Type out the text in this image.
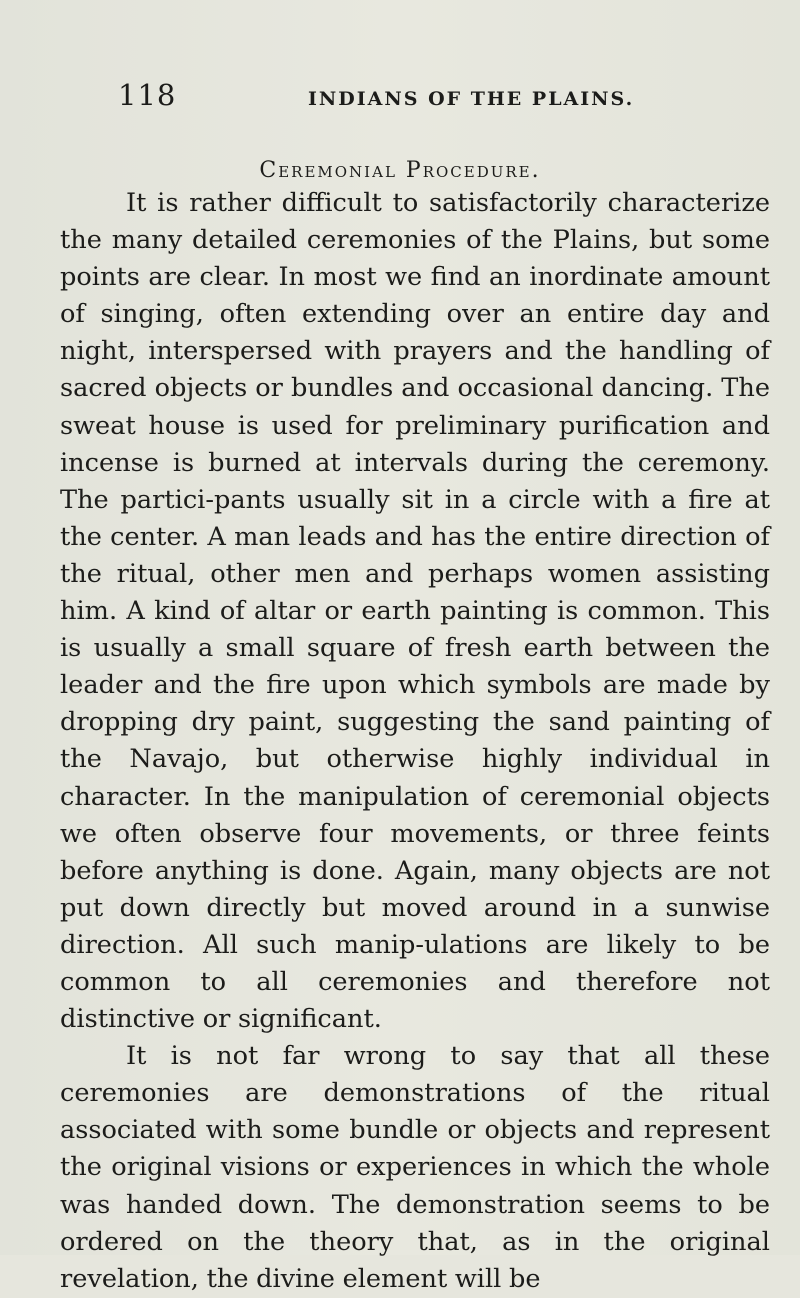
118	INDIANS OF THE PLAINS.
Ceremonial Procedure.

It is rather difficult to satisfactorily characterize the many detailed ceremonies of the Plains, but some points are clear. In most we find an inordinate amount of singing, often extending over an entire day and night, interspersed with prayers and the handling of sacred objects or bundles and occasional dancing. The sweat house is used for preliminary purification and incense is burned at intervals during the ceremony. The partici-pants usually sit in a circle with a fire at the center. A man leads and has the entire direction of the ritual, other men and perhaps women assisting him. A kind of altar or earth painting is common. This is usually a small square of fresh earth between the leader and the fire upon which symbols are made by dropping dry paint, suggesting the sand painting of the Navajo, but otherwise highly individual in character. In the manipulation of ceremonial objects we often observe four movements, or three feints before anything is done. Again, many objects are not put down directly but moved around in a sunwise direction. All such manip-ulations are likely to be common to all ceremonies and therefore not distinctive or significant.

It is not far wrong to say that all these ceremonies are demonstrations of the ritual associated with some bundle or objects and represent the original visions or experiences in which the whole was handed down. The demonstration seems to be ordered on the theory that, as in the original revelation, the divine element will be
